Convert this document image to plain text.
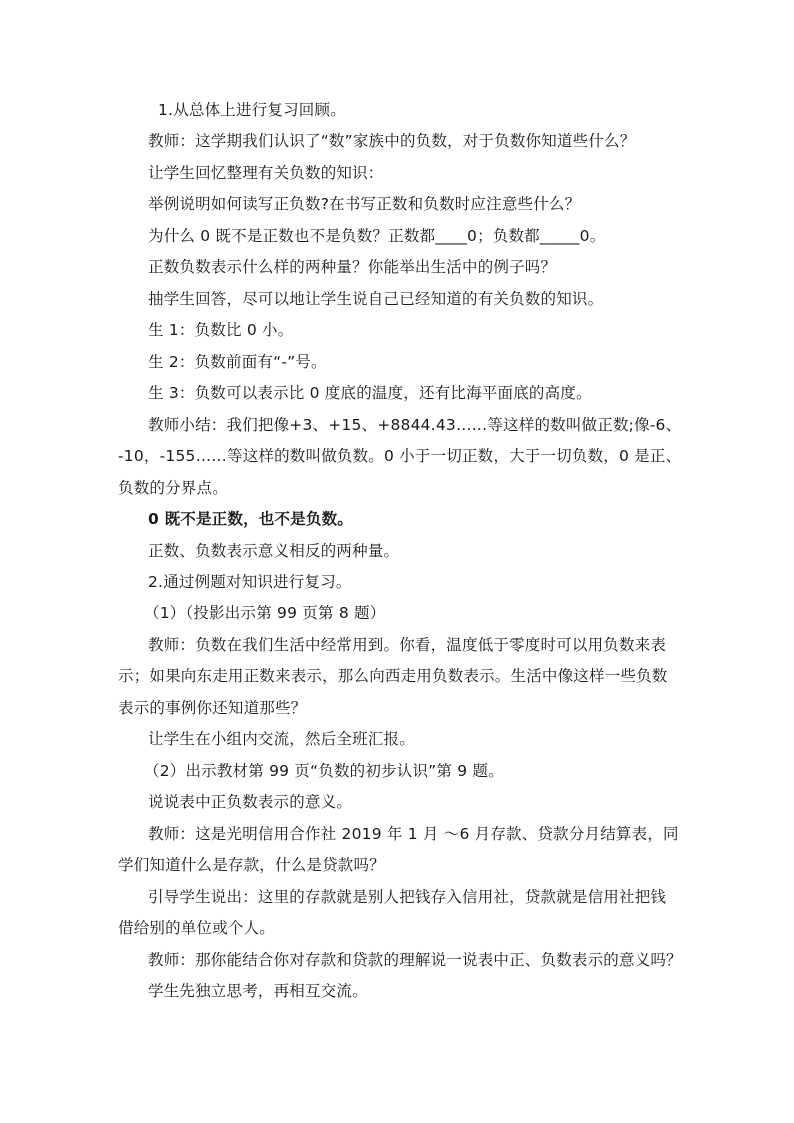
1.从总体上进行复习回顾。
教师：这学期我们认识了“数”家族中的负数，对于负数你知道些什么？
让学生回忆整理有关负数的知识：
举例说明如何读写正负数?在书写正数和负数时应注意些什么？
为什么 0 既不是正数也不是负数？正数都____0；负数都_____0。
正数负数表示什么样的两种量？你能举出生活中的例子吗？
抽学生回答，尽可以地让学生说自己已经知道的有关负数的知识。
生 1：负数比 0 小。
生 2：负数前面有“-”号。
生 3：负数可以表示比 0 度底的温度，还有比海平面底的高度。
教师小结：我们把像+3、+15、+8844.43……等这样的数叫做正数;像-6、
-10，-155……等这样的数叫做负数。0 小于一切正数，大于一切负数，0 是正、
负数的分界点。
0 既不是正数，也不是负数。
正数、负数表示意义相反的两种量。
2.通过例题对知识进行复习。
（1）（投影出示第 99 页第 8 题）
教师：负数在我们生活中经常用到。你看，温度低于零度时可以用负数来表
示；如果向东走用正数来表示，那么向西走用负数表示。生活中像这样一些负数
表示的事例你还知道那些？
让学生在小组内交流，然后全班汇报。
（2）出示教材第 99 页“负数的初步认识”第 9 题。
说说表中正负数表示的意义。
教师：这是光明信用合作社 2019 年 1 月 ～6 月存款、贷款分月结算表，同
学们知道什么是存款，什么是贷款吗？
引导学生说出：这里的存款就是别人把钱存入信用社，贷款就是信用社把钱
借给别的单位或个人。
教师：那你能结合你对存款和贷款的理解说一说表中正、负数表示的意义吗？
学生先独立思考，再相互交流。
